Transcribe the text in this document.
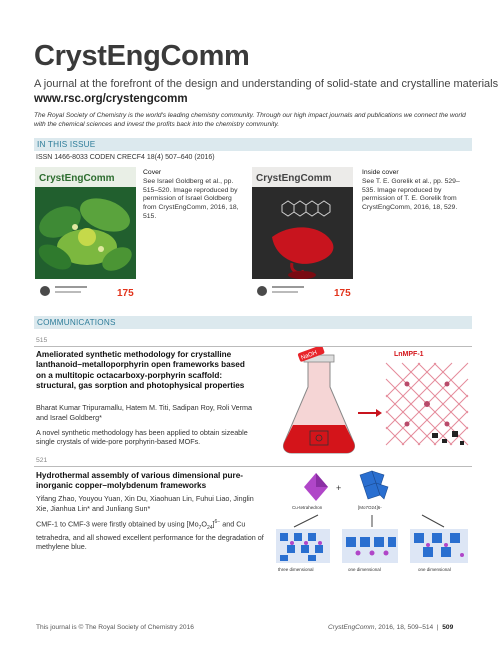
CrystEngComm
A journal at the forefront of the design and understanding of solid-state and crystalline materials
www.rsc.org/crystengcomm
The Royal Society of Chemistry is the world's leading chemistry community. Through our high impact journals and publications we connect the world with the chemical sciences and invest the profits back into the chemistry community.
IN THIS ISSUE
ISSN 1466-8033 CODEN CRECF4 18(4) 507–640 (2016)
CrystEngComm
175
Cover
See Israel Goldberg et al., pp. 515–520. Image reproduced by permission of Israel Goldberg from CrystEngComm, 2016, 18, 515.
CrystEngComm
175
Inside cover
See T. E. Gorelik et al., pp. 529–535. Image reproduced by permission of T. E. Gorelik from CrystEngComm, 2016, 18, 529.
COMMUNICATIONS
515
Ameliorated synthetic methodology for crystalline lanthanoid–metalloporphyrin open frameworks based on a multitopic octacarboxy-porphyrin scaffold: structural, gas sorption and photophysical properties
Bharat Kumar Tripuramallu, Hatem M. Titi, Sadipan Roy, Roli Verma and Israel Goldberg*
A novel synthetic methodology has been applied to obtain sizeable single crystals of wide-pore porphyrin-based MOFs.
NaOH	LnMPF-1
521
Hydrothermal assembly of various dimensional pure-inorganic copper–molybdenum frameworks
Yifang Zhao, Youyou Yuan, Xin Du, Xiaohuan Lin, Fuhui Liao, Jinglin Xie, Jianhua Lin* and Junliang Sun*
CMF-1 to CMF-3 were firstly obtained by using $[Mo_7O_{24}]^{6-}$ and Cu tetrahedra, and all showed excellent performance for the degradation of methylene blue.
Cu-tetrahedron
+
[Mo7O24]6-
three dimensional	one dimensional	one dimensional
This journal is © The Royal Society of Chemistry 2016	CrystEngComm, 2016, 18, 509–514  |  509
